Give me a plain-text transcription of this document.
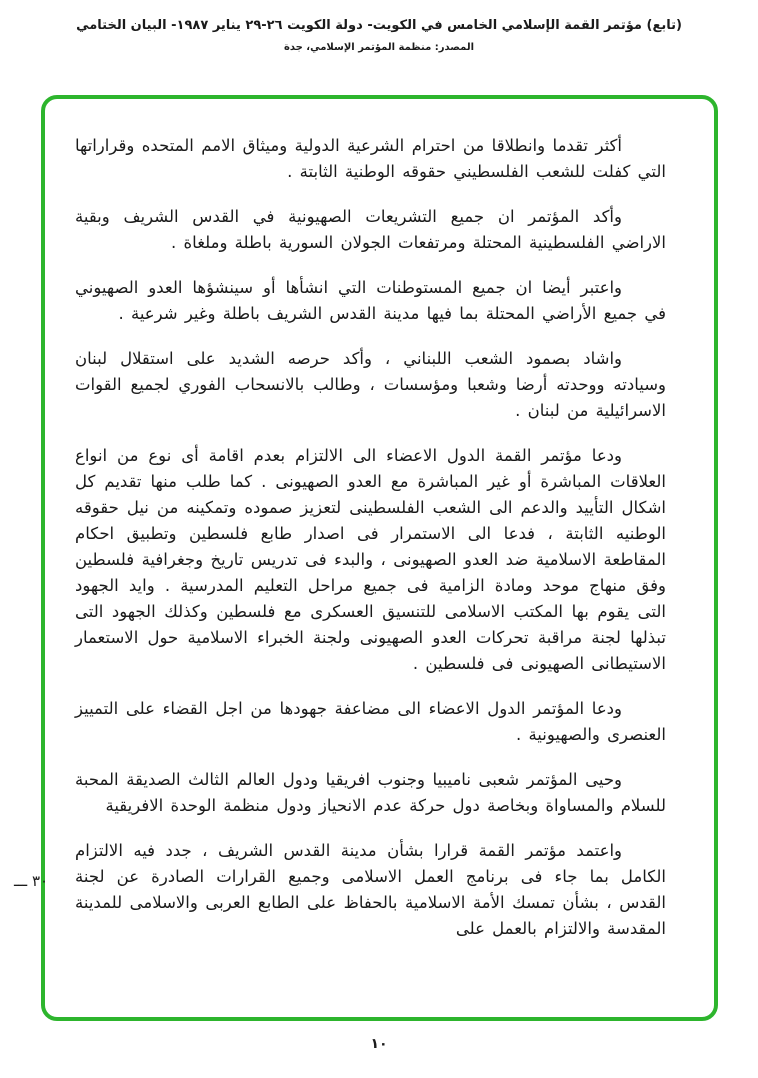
(تابع) مؤتمر القمة الإسلامي الخامس في الكويت- دولة الكويت ٢٦-٢٩ يناير ١٩٨٧- البيان الختامي
المصدر: منظمة المؤتمر الإسلامي، جدة

أكثر تقدما وانطلاقا من احترام الشرعية الدولية وميثاق الامم المتحده وقراراتها التي كفلت للشعب الفلسطيني حقوقه الوطنية الثابتة .

وأكد المؤتمر ان جميع التشريعات الصهيونية في القدس الشريف وبقية الاراضي الفلسطينية المحتلة ومرتفعات الجولان السورية باطلة وملغاة .

واعتبر أيضا ان جميع المستوطنات التي انشأها أو سينشؤها العدو الصهيوني في جميع الأراضي المحتلة بما فيها مدينة القدس الشريف باطلة وغير شرعية .

واشاد بصمود الشعب اللبناني ، وأكد حرصه الشديد على استقلال لبنان وسيادته ووحدته أرضا وشعبا ومؤسسات ، وطالب بالانسحاب الفوري لجميع القوات الاسرائيلية من لبنان .

ودعا مؤتمر القمة الدول الاعضاء الى الالتزام بعدم اقامة أى نوع من انواع العلاقات المباشرة أو غير المباشرة مع العدو الصهيونى . كما طلب منها تقديم كل اشكال التأييد والدعم الى الشعب الفلسطينى لتعزيز صموده وتمكينه من نيل حقوقه الوطنيه الثابتة ، فدعا الى الاستمرار فى اصدار طابع فلسطين وتطبيق احكام المقاطعة الاسلامية ضد العدو الصهيونى ، والبدء فى تدريس تاريخ وجغرافية فلسطين وفق منهاج موحد ومادة الزامية فى جميع مراحل التعليم المدرسية . وايد الجهود التى يقوم بها المكتب الاسلامى للتنسيق العسكرى مع فلسطين وكذلك الجهود التى تبذلها لجنة مراقبة تحركات العدو الصهيونى ولجنة الخبراء الاسلامية حول الاستعمار الاستيطانى الصهيونى فى فلسطين .

ودعا المؤتمر الدول الاعضاء الى مضاعفة جهودها من اجل القضاء على التمييز العنصرى والصهيونية .

وحيى المؤتمر شعبى ناميبيا وجنوب افريقيا ودول العالم الثالث الصديقة المحبة للسلام والمساواة وبخاصة دول حركة عدم الانحياز ودول منظمة الوحدة الافريقية

واعتمد مؤتمر القمة قرارا بشأن مدينة القدس الشريف ، جدد فيه الالتزام الكامل بما جاء فى برنامج العمل الاسلامى وجميع القرارات الصادرة عن لجنة القدس ، بشأن تمسك الأمة الاسلامية بالحفاظ على الطابع العربى والاسلامى للمدينة المقدسة والالتزام بالعمل على

٣٠ ـــ
١٠
